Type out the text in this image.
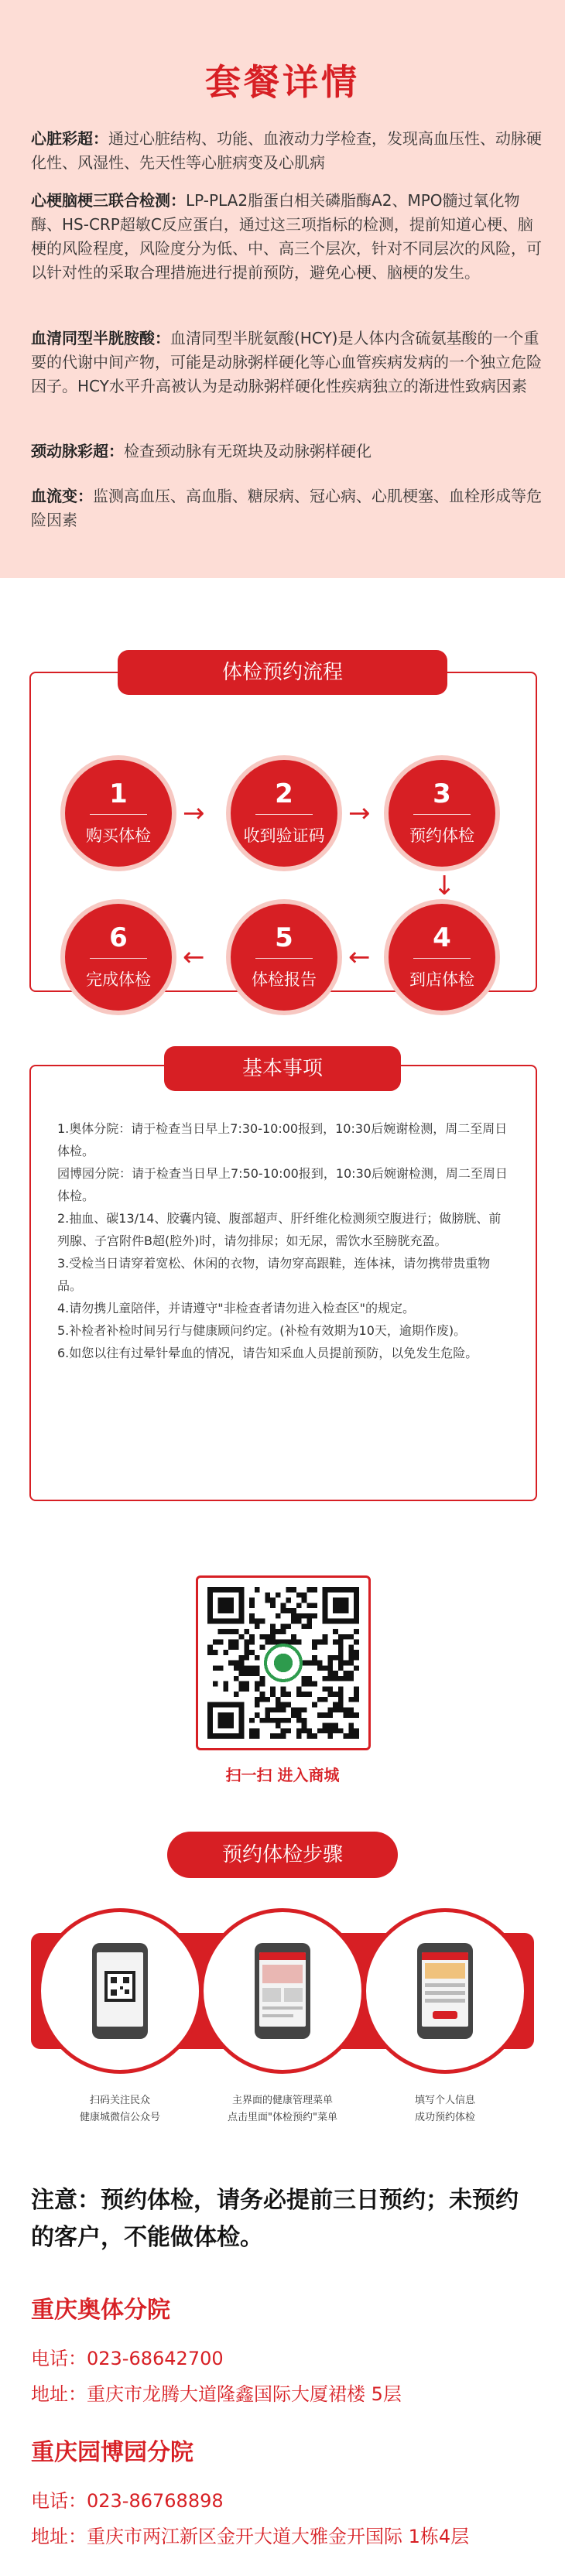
套餐详情
心脏彩超：通过心脏结构、功能、血液动力学检查，发现高血压性、动脉硬化性、风湿性、先天性等心脏病变及心肌病
心梗脑梗三联合检测：LP-PLA2脂蛋白相关磷脂酶A2、MPO髓过氧化物酶、HS-CRP超敏C反应蛋白，通过这三项指标的检测，提前知道心梗、脑梗的风险程度，风险度分为低、中、高三个层次，针对不同层次的风险，可以针对性的采取合理措施进行提前预防，避免心梗、脑梗的发生。
血清同型半胱胺酸：血清同型半胱氨酸(HCY)是人体内含硫氨基酸的一个重要的代谢中间产物，可能是动脉粥样硬化等心血管疾病发病的一个独立危险因子。HCY水平升高被认为是动脉粥样硬化性疾病独立的渐进性致病因素
颈动脉彩超：检查颈动脉有无斑块及动脉粥样硬化
血流变：监测高血压、高血脂、糖尿病、冠心病、心肌梗塞、血栓形成等危险因素
体检预约流程
1
购买体检
→
2
收到验证码
→
3
预约体检
↓
4
到店体检
←
5
体检报告
←
6
完成体检
1.奥体分院：请于检查当日早上7:30-10:00报到，10:30后婉谢检测，周二至周日体检。
园博园分院：请于检查当日早上7:50-10:00报到，10:30后婉谢检测，周二至周日体检。
2.抽血、碳13/14、胶囊内镜、腹部超声、肝纤维化检测须空腹进行；做膀胱、前列腺、子宫附件B超(腔外)时，请勿排尿；如无尿，需饮水至膀胱充盈。
3.受检当日请穿着宽松、休闲的衣物，请勿穿高跟鞋，连体袜，请勿携带贵重物品。
4.请勿携儿童陪伴，并请遵守"非检查者请勿进入检查区"的规定。
5.补检者补检时间另行与健康顾问约定。(补检有效期为10天，逾期作废)。
6.如您以往有过晕针晕血的情况，请告知采血人员提前预防，以免发生危险。
基本事项
扫一扫 进入商城
预约体检步骤
扫码关注民众
健康城微信公众号
主界面的健康管理菜单
点击里面"体检预约"菜单
填写个人信息
成功预约体检
注意：预约体检，请务必提前三日预约；未预约的客户，不能做体检。
重庆奥体分院
电话：023-68642700
地址：重庆市龙腾大道隆鑫国际大厦裙楼 5层
重庆园博园分院
电话：023-86768898
地址：重庆市两江新区金开大道大雅金开国际 1栋4层
